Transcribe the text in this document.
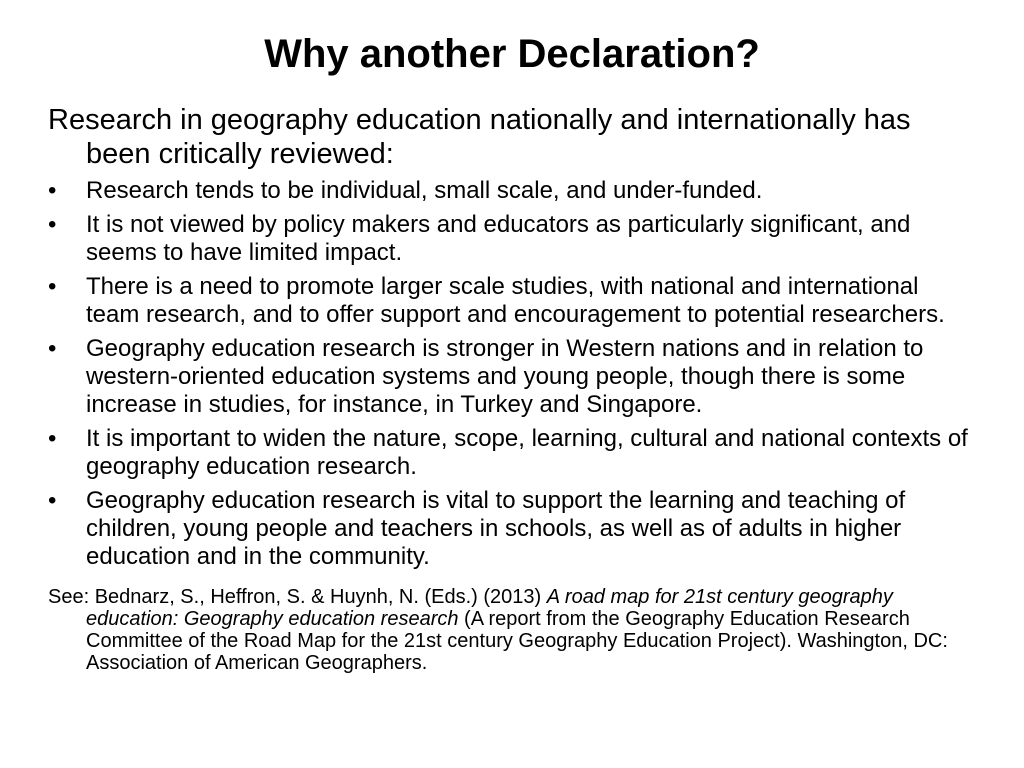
Why another Declaration?

Research in geography education nationally and internationally has been critically reviewed:

• Research tends to be individual, small scale, and under-funded.
• It is not viewed by policy makers and educators as particularly significant, and seems to have limited impact.
• There is a need to promote larger scale studies, with national and international team research, and to offer support and encouragement to potential researchers.
• Geography education research is stronger in Western nations and in relation to western-oriented education systems and young people, though there is some increase in studies, for instance, in Turkey and Singapore.
• It is important to widen the nature, scope, learning, cultural and national contexts of geography education research.
• Geography education research is vital to support the learning and teaching of children, young people and teachers in schools, as well as of adults in higher education and in the community.

See: Bednarz, S., Heffron, S. & Huynh, N. (Eds.) (2013) A road map for 21st century geography education: Geography education research (A report from the Geography Education Research Committee of the Road Map for the 21st century Geography Education Project). Washington, DC: Association of American Geographers.
